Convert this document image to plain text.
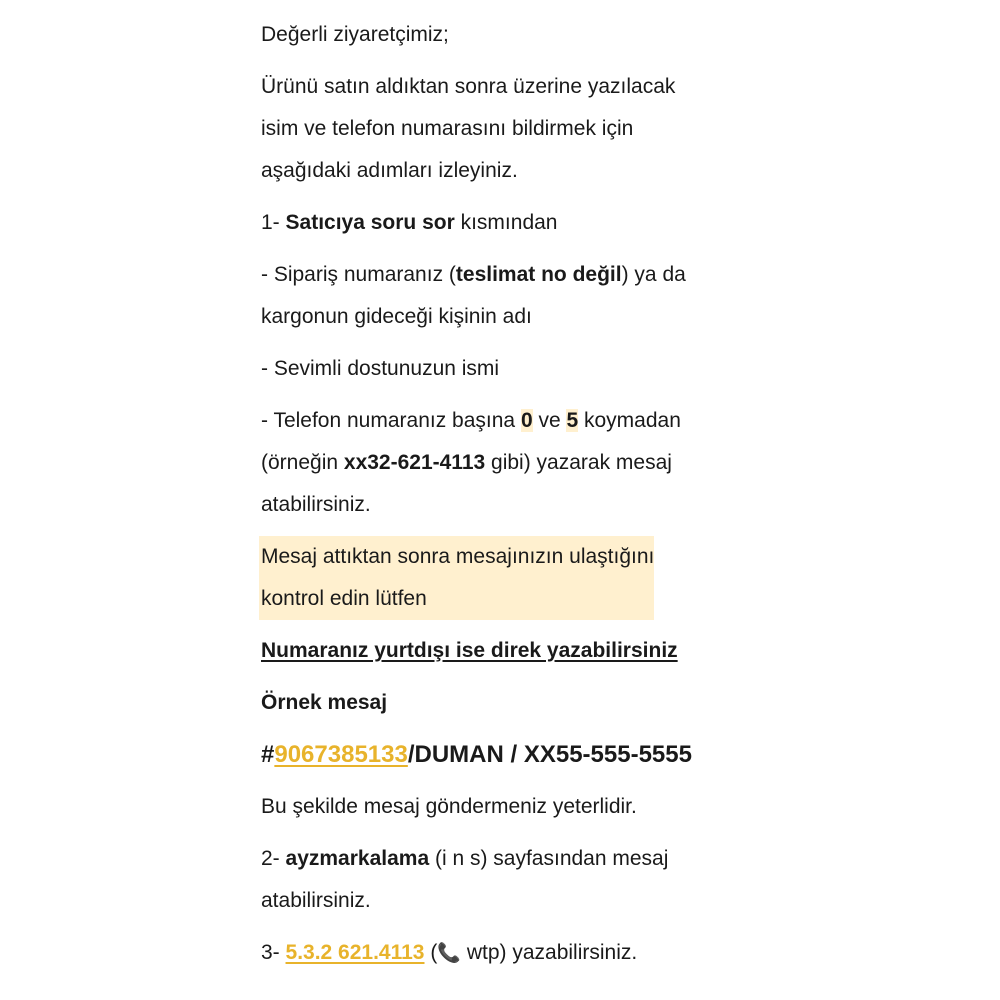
Değerli ziyaretçimiz;

Ürünü satın aldıktan sonra üzerine yazılacak
isim ve telefon numarasını bildirmek için
aşağıdaki adımları izleyiniz.

1- Satıcıya soru sor kısmından

- Sipariş numaranız (teslimat no değil) ya da
kargonun gideceği kişinin adı

- Sevimli dostunuzun ismi

- Telefon numaranız başına 0 ve 5 koymadan
(örneğin xx32-621-4113 gibi) yazarak mesaj
atabilirsiniz.

Mesaj attıktan sonra mesajınızın ulaştığını
kontrol edin lütfen

Numaranız yurtdışı ise direk yazabilirsiniz

Örnek mesaj

#9067385133/DUMAN / XX55-555-5555

Bu şekilde mesaj göndermeniz yeterlidir.

2- ayzmarkalama (i n s) sayfasından mesaj
atabilirsiniz.

3- 5.3.2 621.4113 (📞 wtp) yazabilirsiniz.
